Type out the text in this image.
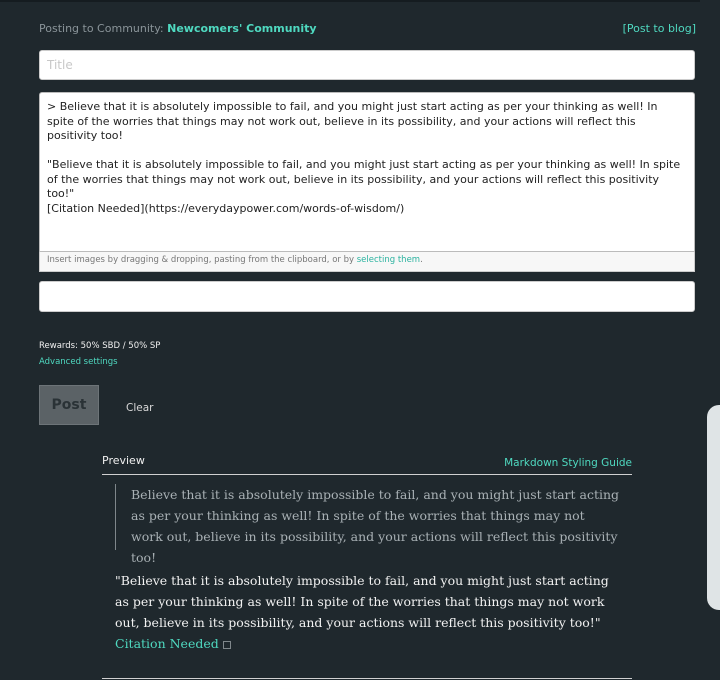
Posting to Community: Newcomers' Community	[Post to blog]
Title
> Believe that it is absolutely impossible to fail, and you might just start acting as per your thinking as well! In spite of the worries that things may not work out, believe in its possibility, and your actions will reflect this positivity too! "Believe that it is absolutely impossible to fail, and you might just start acting as per your thinking as well! In spite of the worries that things may not work out, believe in its possibility, and your actions will reflect this positivity too!" [Citation Needed](https://everydaypower.com/words-of-wisdom/)
Insert images by dragging & dropping, pasting from the clipboard, or by selecting them.
Rewards: 50% SBD / 50% SP
Advanced settings
Post	Clear
Preview	Markdown Styling Guide
Believe that it is absolutely impossible to fail, and you might just start acting as per your thinking as well! In spite of the worries that things may not work out, believe in its possibility, and your actions will reflect this positivity too!
"Believe that it is absolutely impossible to fail, and you might just start acting as per your thinking as well! In spite of the worries that things may not work out, believe in its possibility, and your actions will reflect this positivity too!"
Citation Needed
